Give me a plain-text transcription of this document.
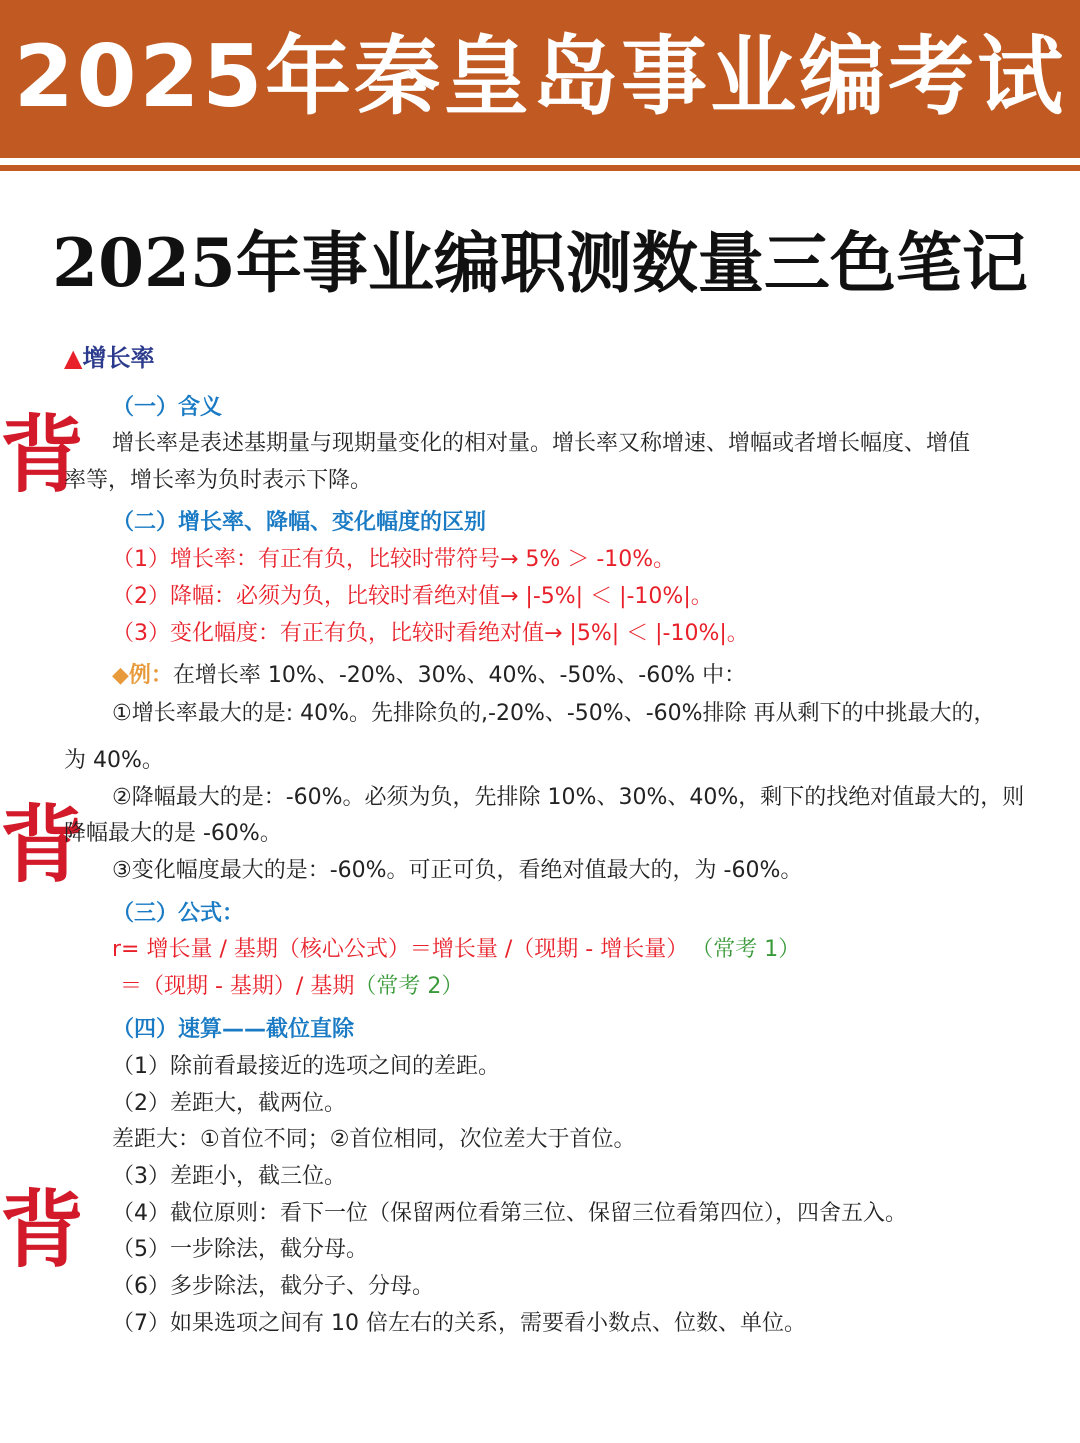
2025年秦皇岛事业编考试
2025年事业编职测数量三色笔记
▲增长率
背
背
背
（一）含义
增长率是表述基期量与现期量变化的相对量。增长率又称增速、增幅或者增长幅度、增值
率等，增长率为负时表示下降。
（二）增长率、降幅、变化幅度的区别
（1）增长率：有正有负，比较时带符号→ 5% ＞ -10%。
（2）降幅：必须为负，比较时看绝对值→ |-5%| ＜ |-10%|。
（3）变化幅度：有正有负，比较时看绝对值→ |5%| ＜ |-10%|。
◆例：在增长率 10%、-20%、30%、40%、-50%、-60% 中：
①增长率最大的是: 40%。先排除负的,-20%、-50%、-60%排除 再从剩下的中挑最大的，
为 40%。
②降幅最大的是：-60%。必须为负，先排除 10%、30%、40%，剩下的找绝对值最大的，则
降幅最大的是 -60%。
③变化幅度最大的是：-60%。可正可负，看绝对值最大的，为 -60%。
（三）公式：
r= 增长量 / 基期（核心公式）＝增长量 /（现期 - 增长量） （常考 1）
＝（现期 - 基期）/ 基期（常考 2）
（四）速算——截位直除
（1）除前看最接近的选项之间的差距。
（2）差距大，截两位。
差距大：①首位不同；②首位相同，次位差大于首位。
（3）差距小，截三位。
（4）截位原则：看下一位（保留两位看第三位、保留三位看第四位），四舍五入。
（5）一步除法，截分母。
（6）多步除法，截分子、分母。
（7）如果选项之间有 10 倍左右的关系，需要看小数点、位数、单位。
